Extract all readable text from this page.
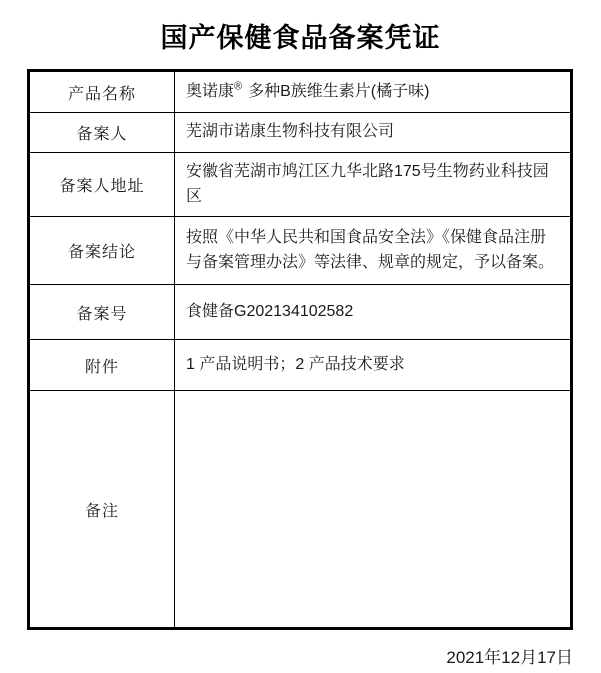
国产保健食品备案凭证
产品名称	奥诺康® 多种B族维生素片(橘子味)
备案人	芜湖市诺康生物科技有限公司
备案人地址	安徽省芜湖市鸠江区九华北路175号生物药业科技园区
备案结论	按照《中华人民共和国食品安全法》《保健食品注册与备案管理办法》等法律、规章的规定，予以备案。
备案号	食健备G202134102582
附件	1 产品说明书；2 产品技术要求
备注	
2021年12月17日
